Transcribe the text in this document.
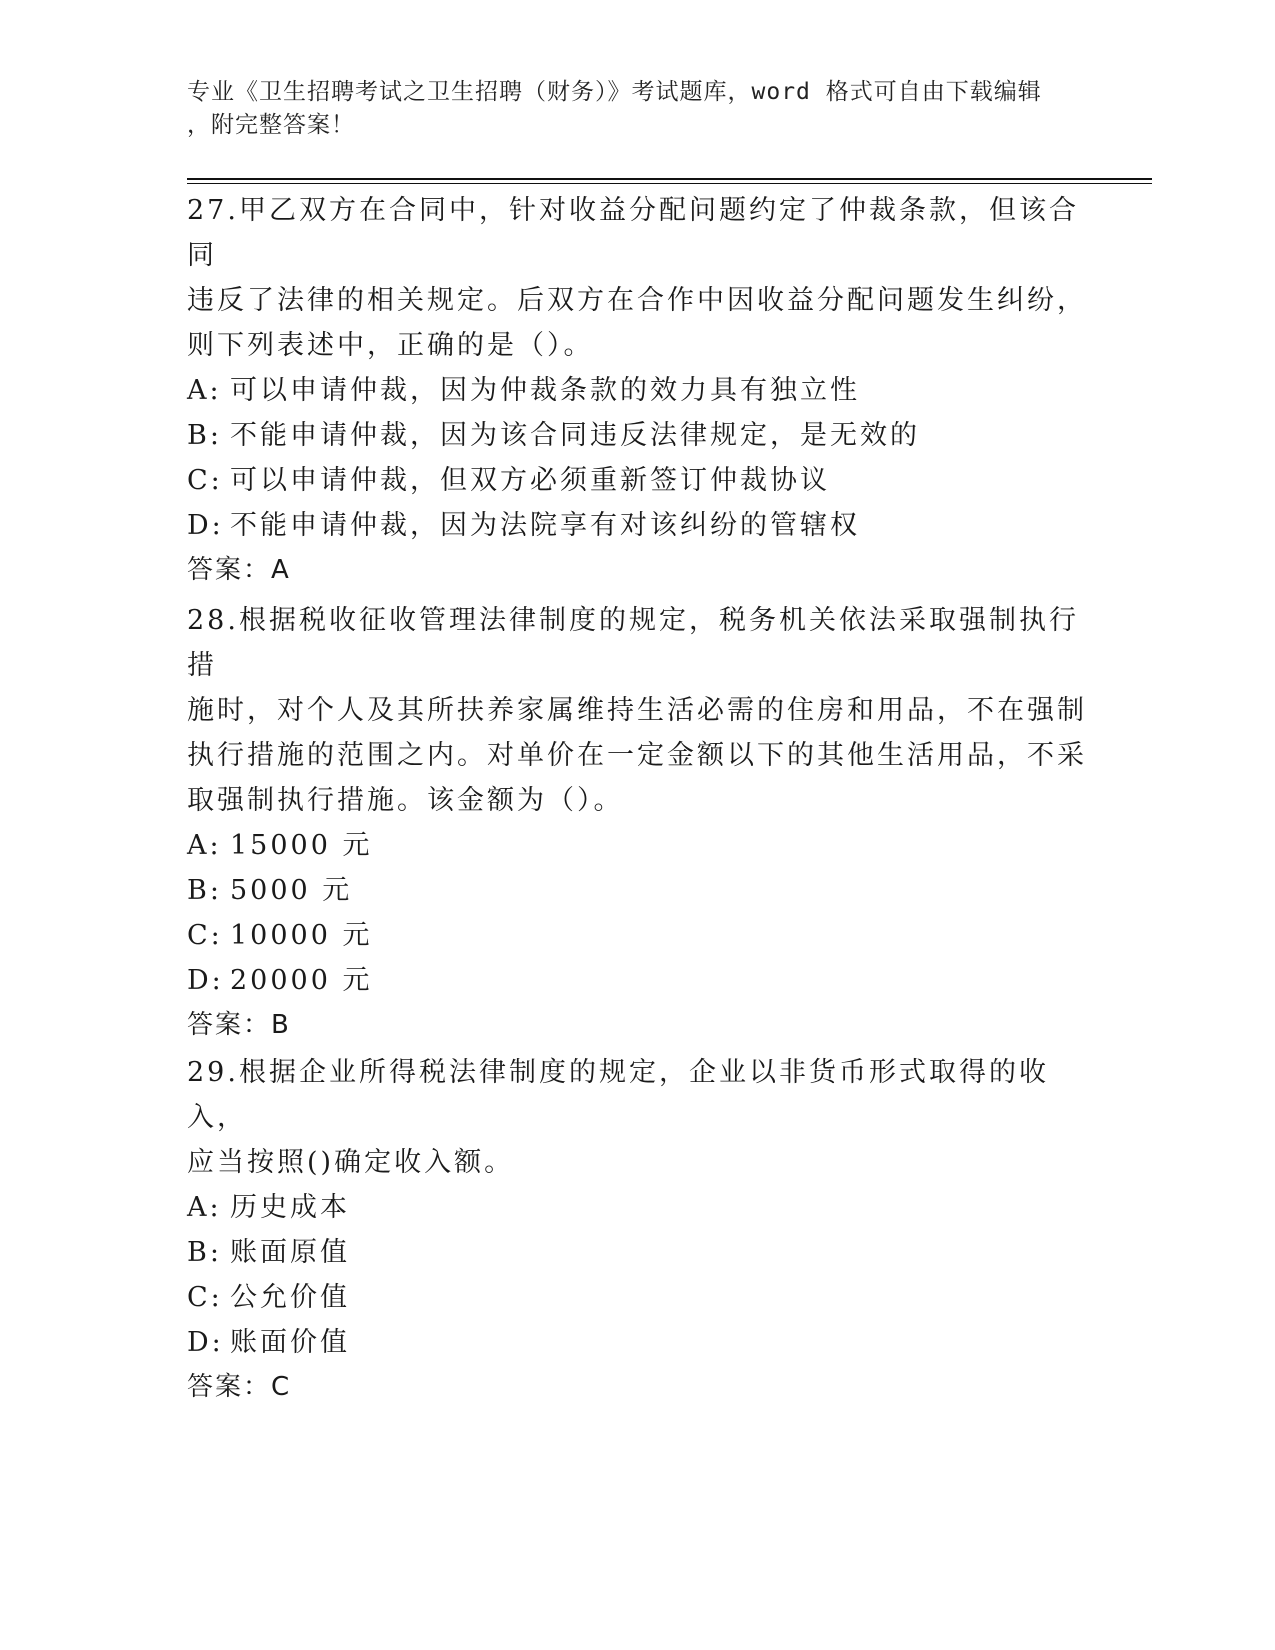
专业《卫生招聘考试之卫生招聘（财务）》考试题库，word 格式可自由下载编辑

，附完整答案！

27.甲乙双方在合同中，针对收益分配问题约定了仲裁条款，但该合同

违反了法律的相关规定。后双方在合作中因收益分配问题发生纠纷，

则下列表述中，正确的是（）。

A: 可以申请仲裁，因为仲裁条款的效力具有独立性

B: 不能申请仲裁，因为该合同违反法律规定，是无效的

C: 可以申请仲裁，但双方必须重新签订仲裁协议

D: 不能申请仲裁，因为法院享有对该纠纷的管辖权

答案：A

28.根据税收征收管理法律制度的规定，税务机关依法采取强制执行措

施时，对个人及其所扶养家属维持生活必需的住房和用品，不在强制

执行措施的范围之内。对单价在一定金额以下的其他生活用品，不采

取强制执行措施。该金额为（）。

A: 15000 元

B: 5000 元

C: 10000 元

D: 20000 元

答案：B

29.根据企业所得税法律制度的规定，企业以非货币形式取得的收入，

应当按照()确定收入额。

A: 历史成本

B: 账面原值

C: 公允价值

D: 账面价值

答案：C
